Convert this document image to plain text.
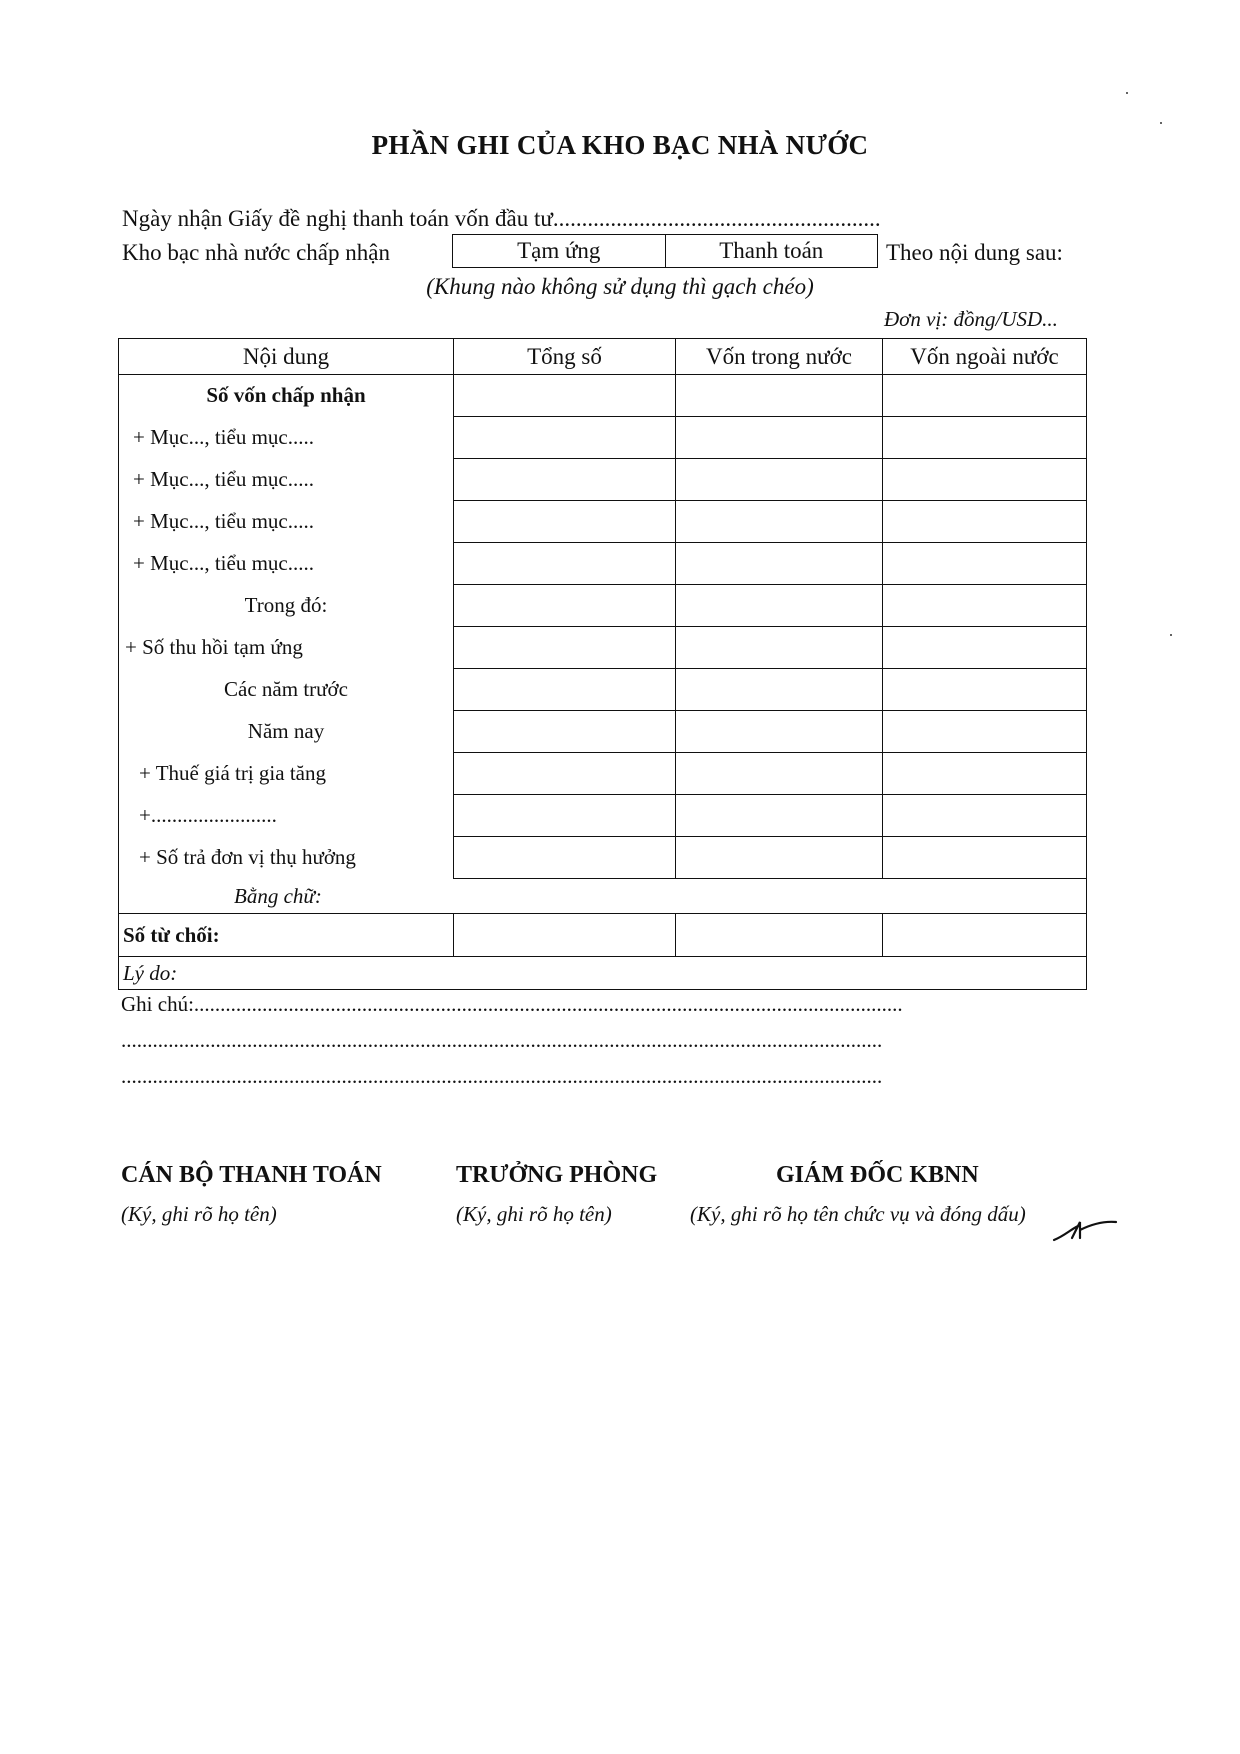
PHẦN GHI CỦA KHO BẠC NHÀ NƯỚC
Ngày nhận Giấy đề nghị thanh toán vốn đầu tư.........................................................
Kho bạc nhà nước chấp nhận	Tạm ứng	Thanh toán	Theo nội dung sau:
(Khung nào không sử dụng thì gạch chéo)
Đơn vị: đồng/USD...
Nội dung	Tổng số	Vốn trong nước	Vốn ngoài nước
Số vốn chấp nhận			
+ Mục..., tiểu mục.....			
+ Mục..., tiểu mục.....			
+ Mục..., tiểu mục.....			
+ Mục..., tiểu mục.....			
Trong đó:			
+ Số thu hồi tạm ứng			
Các năm trước			
Năm nay			
+ Thuế giá trị gia tăng			
+........................			
+ Số trả đơn vị thụ hưởng			
Bằng chữ:			
Số từ chối:			
Lý do:			
Ghi chú:.......................................................................................................................................
.................................................................................................................................................
.................................................................................................................................................
CÁN BỘ THANH TOÁN
(Ký, ghi rõ họ tên)
TRƯỞNG PHÒNG
(Ký, ghi rõ họ tên)
GIÁM ĐỐC KBNN
(Ký, ghi rõ họ tên chức vụ và đóng dấu)
